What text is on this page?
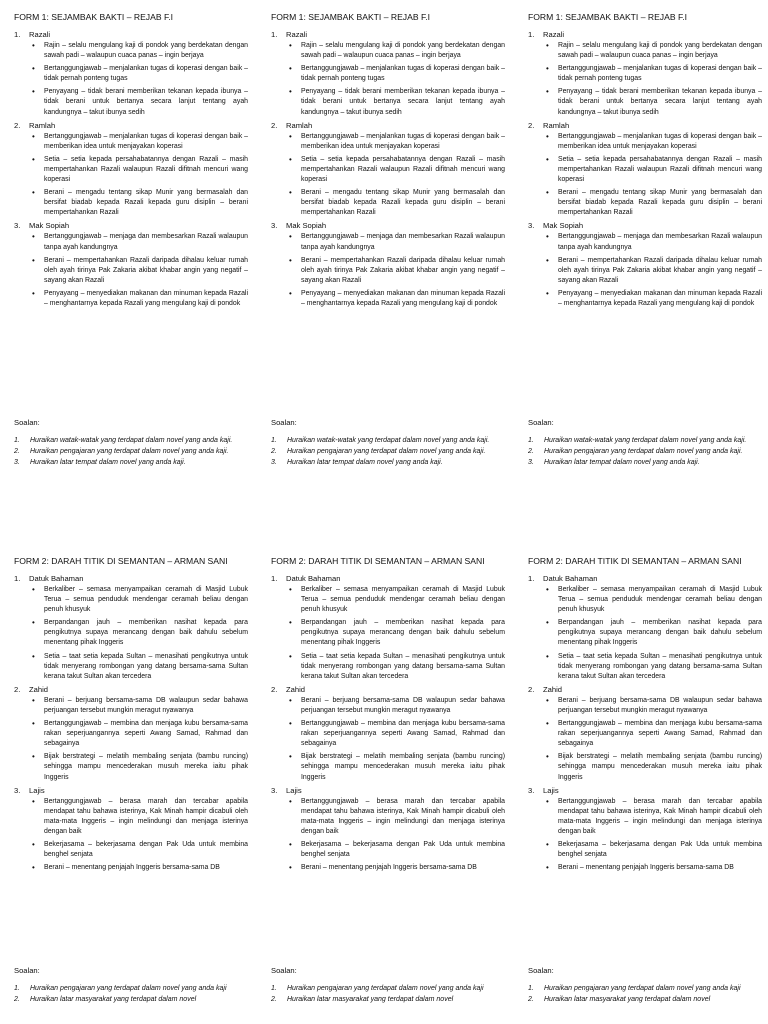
FORM 1: SEJAMBAK BAKTI – REJAB F.I
1. Razali
• Rajin – selalu mengulang kaji di pondok yang berdekatan dengan sawah padi – walaupun cuaca panas – ingin berjaya
• Bertanggungjawab – menjalankan tugas di koperasi dengan baik – tidak pernah ponteng tugas
• Penyayang – tidak berani memberikan tekanan kepada ibunya – tidak berani untuk bertanya secara lanjut tentang ayah kandungnya – takut ibunya sedih
2. Ramlah
• Bertanggungjawab – menjalankan tugas di koperasi dengan baik – memberikan idea untuk menjayakan koperasi
• Setia – setia kepada persahabatannya dengan Razali – masih mempertahankan Razali walaupun Razali difitnah mencuri wang koperasi
• Berani – mengadu tentang sikap Munir yang bermasalah dan bersifat biadab kepada Razali kepada guru disiplin – berani mempertahankan Razali
3. Mak Sopiah
• Bertanggungjawab – menjaga dan membesarkan Razali walaupun tanpa ayah kandungnya
• Berani – mempertahankan Razali daripada dihalau keluar rumah oleh ayah tirinya Pak Zakaria akibat khabar angin yang negatif – sayang akan Razali
• Penyayang – menyediakan makanan dan minuman kepada Razali – menghantarnya kepada Razali yang mengulang kaji di pondok
Soalan:
1. Huraikan watak-watak yang terdapat dalam novel yang anda kaji.
2. Huraikan pengajaran yang terdapat dalam novel yang anda kaji.
3. Huraikan latar tempat dalam novel yang anda kaji.
FORM 1: SEJAMBAK BAKTI – REJAB F.I
1. Razali
• Rajin – selalu mengulang kaji di pondok yang berdekatan dengan sawah padi – walaupun cuaca panas – ingin berjaya
• Bertanggungjawab – menjalankan tugas di koperasi dengan baik – tidak pernah ponteng tugas
• Penyayang – tidak berani memberikan tekanan kepada ibunya – tidak berani untuk bertanya secara lanjut tentang ayah kandungnya – takut ibunya sedih
2. Ramlah
• Bertanggungjawab – menjalankan tugas di koperasi dengan baik – memberikan idea untuk menjayakan koperasi
• Setia – setia kepada persahabatannya dengan Razali – masih mempertahankan Razali walaupun Razali difitnah mencuri wang koperasi
• Berani – mengadu tentang sikap Munir yang bermasalah dan bersifat biadab kepada Razali kepada guru disiplin – berani mempertahankan Razali
3. Mak Sopiah
• Bertanggungjawab – menjaga dan membesarkan Razali walaupun tanpa ayah kandungnya
• Berani – mempertahankan Razali daripada dihalau keluar rumah oleh ayah tirinya Pak Zakaria akibat khabar angin yang negatif – sayang akan Razali
• Penyayang – menyediakan makanan dan minuman kepada Razali – menghantarnya kepada Razali yang mengulang kaji di pondok
Soalan:
1. Huraikan watak-watak yang terdapat dalam novel yang anda kaji.
2. Huraikan pengajaran yang terdapat dalam novel yang anda kaji.
3. Huraikan latar tempat dalam novel yang anda kaji.
FORM 1: SEJAMBAK BAKTI – REJAB F.I
1. Razali
• Rajin – selalu mengulang kaji di pondok yang berdekatan dengan sawah padi – walaupun cuaca panas – ingin berjaya
• Bertanggungjawab – menjalankan tugas di koperasi dengan baik – tidak pernah ponteng tugas
• Penyayang – tidak berani memberikan tekanan kepada ibunya – tidak berani untuk bertanya secara lanjut tentang ayah kandungnya – takut ibunya sedih
2. Ramlah
• Bertanggungjawab – menjalankan tugas di koperasi dengan baik – memberikan idea untuk menjayakan koperasi
• Setia – setia kepada persahabatannya dengan Razali – masih mempertahankan Razali walaupun Razali difitnah mencuri wang koperasi
• Berani – mengadu tentang sikap Munir yang bermasalah dan bersifat biadab kepada Razali kepada guru disiplin – berani mempertahankan Razali
3. Mak Sopiah
• Bertanggungjawab – menjaga dan membesarkan Razali walaupun tanpa ayah kandungnya
• Berani – mempertahankan Razali daripada dihalau keluar rumah oleh ayah tirinya Pak Zakaria akibat khabar angin yang negatif – sayang akan Razali
• Penyayang – menyediakan makanan dan minuman kepada Razali – menghantarnya kepada Razali yang mengulang kaji di pondok
Soalan:
1. Huraikan watak-watak yang terdapat dalam novel yang anda kaji.
2. Huraikan pengajaran yang terdapat dalam novel yang anda kaji.
3. Huraikan latar tempat dalam novel yang anda kaji.
FORM 2: DARAH TITIK DI SEMANTAN – ARMAN SANI
1. Datuk Bahaman
• Berkaliber – semasa menyampaikan ceramah di Masjid Lubuk Terua – semua penduduk mendengar ceramah beliau dengan penuh khusyuk
• Berpandangan jauh – memberikan nasihat kepada para pengikutnya supaya merancang dengan baik dahulu sebelum menentang pihak Inggeris
• Setia – taat setia kepada Sultan – menasihati pengikutnya untuk tidak menyerang rombongan yang datang bersama-sama Sultan kerana takut Sultan akan tercedera
2. Zahid
• Berani – berjuang bersama-sama DB walaupun sedar bahawa perjuangan tersebut mungkin meragut nyawanya
• Bertanggungjawab – membina dan menjaga kubu bersama-sama rakan seperjuangannya seperti Awang Samad, Rahmad dan sebagainya
• Bijak berstrategi – melatih membaling senjata (bambu runcing) sehingga mampu mencederakan musuh mereka iaitu pihak Inggeris
3. Lajis
• Bertanggungjawab – berasa marah dan tercabar apabila mendapat tahu bahawa isterinya, Kak Minah hampir dicabuli oleh mata-mata Inggeris – ingin melindungi dan menjaga isterinya dengan baik
• Bekerjasama – bekerjasama dengan Pak Uda untuk membina benghel senjata
• Berani – menentang penjajah Inggeris bersama-sama DB
Soalan:
1. Huraikan pengajaran yang terdapat dalam novel yang anda kaji
2. Huraikan latar masyarakat yang terdapat dalam novel
FORM 2: DARAH TITIK DI SEMANTAN – ARMAN SANI
1. Datuk Bahaman
• Berkaliber – semasa menyampaikan ceramah di Masjid Lubuk Terua – semua penduduk mendengar ceramah beliau dengan penuh khusyuk
• Berpandangan jauh – memberikan nasihat kepada para pengikutnya supaya merancang dengan baik dahulu sebelum menentang pihak Inggeris
• Setia – taat setia kepada Sultan – menasihati pengikutnya untuk tidak menyerang rombongan yang datang bersama-sama Sultan kerana takut Sultan akan tercedera
2. Zahid
• Berani – berjuang bersama-sama DB walaupun sedar bahawa perjuangan tersebut mungkin meragut nyawanya
• Bertanggungjawab – membina dan menjaga kubu bersama-sama rakan seperjuangannya seperti Awang Samad, Rahmad dan sebagainya
• Bijak berstrategi – melatih membaling senjata (bambu runcing) sehingga mampu mencederakan musuh mereka iaitu pihak Inggeris
3. Lajis
• Bertanggungjawab – berasa marah dan tercabar apabila mendapat tahu bahawa isterinya, Kak Minah hampir dicabuli oleh mata-mata Inggeris – ingin melindungi dan menjaga isterinya dengan baik
• Bekerjasama – bekerjasama dengan Pak Uda untuk membina benghel senjata
• Berani – menentang penjajah Inggeris bersama-sama DB
Soalan:
1. Huraikan pengajaran yang terdapat dalam novel yang anda kaji
2. Huraikan latar masyarakat yang terdapat dalam novel
FORM 2: DARAH TITIK DI SEMANTAN – ARMAN SANI
1. Datuk Bahaman
• Berkaliber – semasa menyampaikan ceramah di Masjid Lubuk Terua – semua penduduk mendengar ceramah beliau dengan penuh khusyuk
• Berpandangan jauh – memberikan nasihat kepada para pengikutnya supaya merancang dengan baik dahulu sebelum menentang pihak Inggeris
• Setia – taat setia kepada Sultan – menasihati pengikutnya untuk tidak menyerang rombongan yang datang bersama-sama Sultan kerana takut Sultan akan tercedera
2. Zahid
• Berani – berjuang bersama-sama DB walaupun sedar bahawa perjuangan tersebut mungkin meragut nyawanya
• Bertanggungjawab – membina dan menjaga kubu bersama-sama rakan seperjuangannya seperti Awang Samad, Rahmad dan sebagainya
• Bijak berstrategi – melatih membaling senjata (bambu runcing) sehingga mampu mencederakan musuh mereka iaitu pihak Inggeris
3. Lajis
• Bertanggungjawab – berasa marah dan tercabar apabila mendapat tahu bahawa isterinya, Kak Minah hampir dicabuli oleh mata-mata Inggeris – ingin melindungi dan menjaga isterinya dengan baik
• Bekerjasama – bekerjasama dengan Pak Uda untuk membina benghel senjata
• Berani – menentang penjajah Inggeris bersama-sama DB
Soalan:
1. Huraikan pengajaran yang terdapat dalam novel yang anda kaji
2. Huraikan latar masyarakat yang terdapat dalam novel
